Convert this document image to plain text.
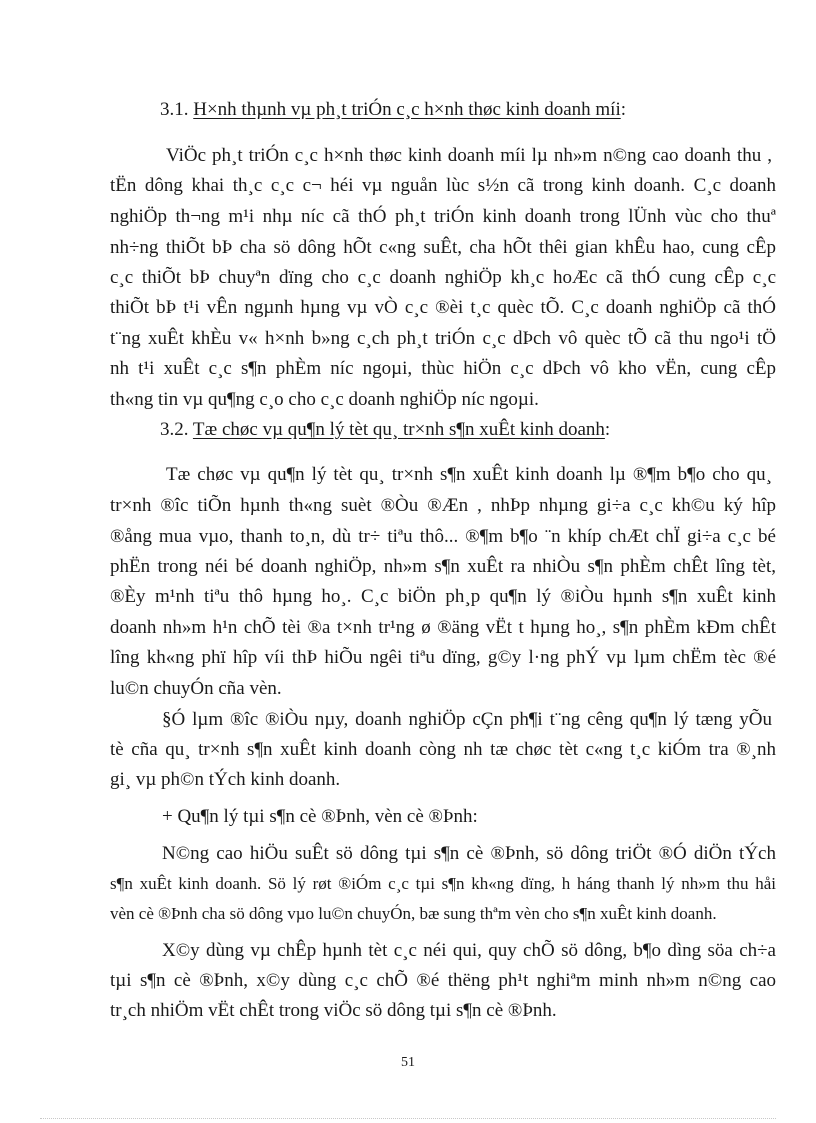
3.1. H×nh thµnh vµ ph¸t triÓn c¸c h×nh thøc kinh doanh míi:
ViÖc ph¸t triÓn c¸c h×nh thøc kinh doanh míi lµ nh»m n©ng cao doanh thu ,
tËn dông khai th¸c c¸c c¬ héi vµ nguån lùc s½n cã trong kinh doanh. C¸c doanh
nghiÖp th¬ng m¹i nhµ níc cã thÓ ph¸t triÓn kinh doanh trong lÜnh vùc cho thuª
nh÷ng thiÕt bÞ cha sö dông hÕt c«ng suÊt, cha hÕt thêi gian khÊu hao, cung cÊp
c¸c thiÕt bÞ chuyªn dïng cho c¸c doanh nghiÖp kh¸c hoÆc cã thÓ cung cÊp c¸c
thiÕt bÞ t¹i vÊn ngµnh hµng vµ vÒ c¸c ®èi t¸c quèc tÕ. C¸c doanh nghiÖp cã thÓ
t¨ng xuÊt khÈu v« h×nh b»ng c¸ch ph¸t triÓn c¸c dÞch vô quèc tÕ cã thu ngo¹i tÖ
nh t¹i xuÊt c¸c s¶n phÈm níc ngoµi, thùc hiÖn c¸c dÞch vô kho vËn, cung cÊp
th«ng tin vµ qu¶ng c¸o cho c¸c doanh nghiÖp níc ngoµi.
3.2. Tæ chøc vµ qu¶n lý tèt qu¸ tr×nh s¶n xuÊt kinh doanh:
Tæ chøc vµ qu¶n lý tèt qu¸ tr×nh s¶n xuÊt kinh doanh lµ ®¶m b¶o cho qu¸
tr×nh ®îc tiÕn hµnh th«ng suèt ®Òu ®Æn , nhÞp nhµng gi÷a c¸c kh©u ký hîp
®ång mua vµo, thanh to¸n, dù tr÷ tiªu thô... ®¶m b¶o ¨n khíp chÆt chÏ gi÷a c¸c bé
phËn trong néi bé doanh nghiÖp, nh»m s¶n xuÊt ra nhiÒu s¶n phÈm chÊt lîng tèt,
®Èy m¹nh tiªu thô hµng ho¸. C¸c biÖn ph¸p qu¶n lý ®iÒu hµnh s¶n xuÊt kinh
doanh nh»m h¹n chÕ tèi ®a t×nh tr¹ng ø ®äng vËt t hµng ho¸, s¶n phÈm kÐm chÊt
lîng kh«ng phï hîp víi thÞ hiÕu ngêi tiªu dïng, g©y l·ng phÝ vµ lµm chËm tèc ®é
lu©n chuyÓn cña vèn.
§Ó lµm ®îc ®iÒu nµy, doanh nghiÖp cÇn ph¶i t¨ng cêng qu¶n lý tæng yÕu
tè cña qu¸ tr×nh s¶n xuÊt kinh doanh còng nh tæ chøc tèt c«ng t¸c kiÓm tra ®¸nh
gi¸ vµ ph©n tÝch kinh doanh.
+ Qu¶n lý tµi s¶n cè ®Þnh, vèn cè ®Þnh:
N©ng cao hiÖu suÊt sö dông tµi s¶n cè ®Þnh, sö dông triÖt ®Ó diÖn tÝch
s¶n xuÊt kinh doanh. Sö lý røt ®iÓm c¸c tµi s¶n kh«ng dïng, h háng thanh lý nh»m thu håi
vèn cè ®Þnh cha sö dông vµo lu©n chuyÓn, bæ sung thªm vèn cho s¶n xuÊt kinh doanh.
X©y dùng vµ chÊp hµnh tèt c¸c néi qui, quy chÕ sö dông, b¶o dìng söa ch÷a
tµi s¶n cè ®Þnh, x©y dùng c¸c chÕ ®é thëng ph¹t nghiªm minh nh»m n©ng cao
tr¸ch nhiÖm vËt chÊt trong viÖc sö dông tµi s¶n cè ®Þnh.
51
